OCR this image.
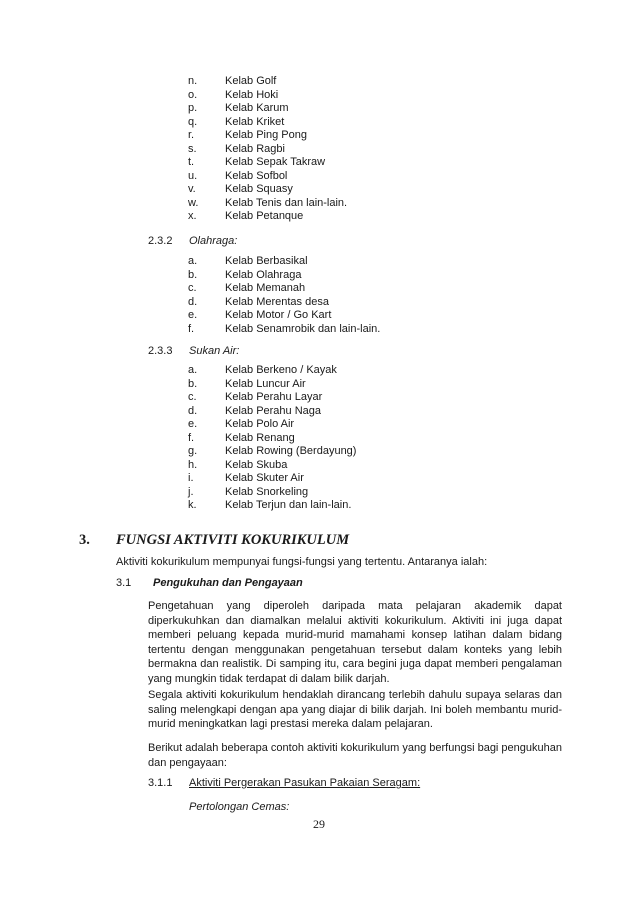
n.	Kelab Golf
o.	Kelab Hoki
p.	Kelab Karum
q.	Kelab Kriket
r.	Kelab Ping Pong
s.	Kelab Ragbi
t.	Kelab Sepak Takraw
u.	Kelab Sofbol
v.	Kelab Squasy
w. Kelab Tenis dan lain-lain.
x.	Kelab Petanque
2.3.2 Olahraga:
a.	Kelab Berbasikal
b.	Kelab Olahraga
c.	Kelab Memanah
d.	Kelab Merentas desa
e.	Kelab Motor / Go Kart
f.	Kelab Senamrobik dan lain-lain.
2.3.3 Sukan Air:
a.	Kelab Berkeno / Kayak
b.	Kelab Luncur Air
c.	Kelab Perahu Layar
d.	Kelab Perahu Naga
e.	Kelab Polo Air
f.	Kelab Renang
g.	Kelab Rowing (Berdayung)
h.	Kelab Skuba
i.	Kelab Skuter Air
j.	Kelab Snorkeling
k.	Kelab Terjun dan lain-lain.
3. FUNGSI AKTIVITI KOKURIKULUM
Aktiviti kokurikulum mempunyai fungsi-fungsi yang tertentu. Antaranya ialah:
3.1 Pengukuhan dan Pengayaan

Pengetahuan yang diperoleh daripada mata pelajaran akademik dapat diperkukuhkan dan diamalkan melalui aktiviti kokurikulum. Aktiviti ini juga dapat memberi peluang kepada murid-murid mamahami konsep latihan dalam bidang tertentu dengan menggunakan pengetahuan tersebut dalam konteks yang lebih bermakna dan realistik. Di samping itu, cara begini juga dapat memberi pengalaman yang mungkin tidak terdapat di dalam bilik darjah.

Segala aktiviti kokurikulum hendaklah dirancang terlebih dahulu supaya selaras dan saling melengkapi dengan apa yang diajar di bilik darjah. Ini boleh membantu murid-murid meningkatkan lagi prestasi mereka dalam pelajaran.

Berikut adalah beberapa contoh aktiviti kokurikulum yang berfungsi bagi pengukuhan dan pengayaan:

3.1.1 Aktiviti Pergerakan Pasukan Pakaian Seragam:
Pertolongan Cemas:
29
